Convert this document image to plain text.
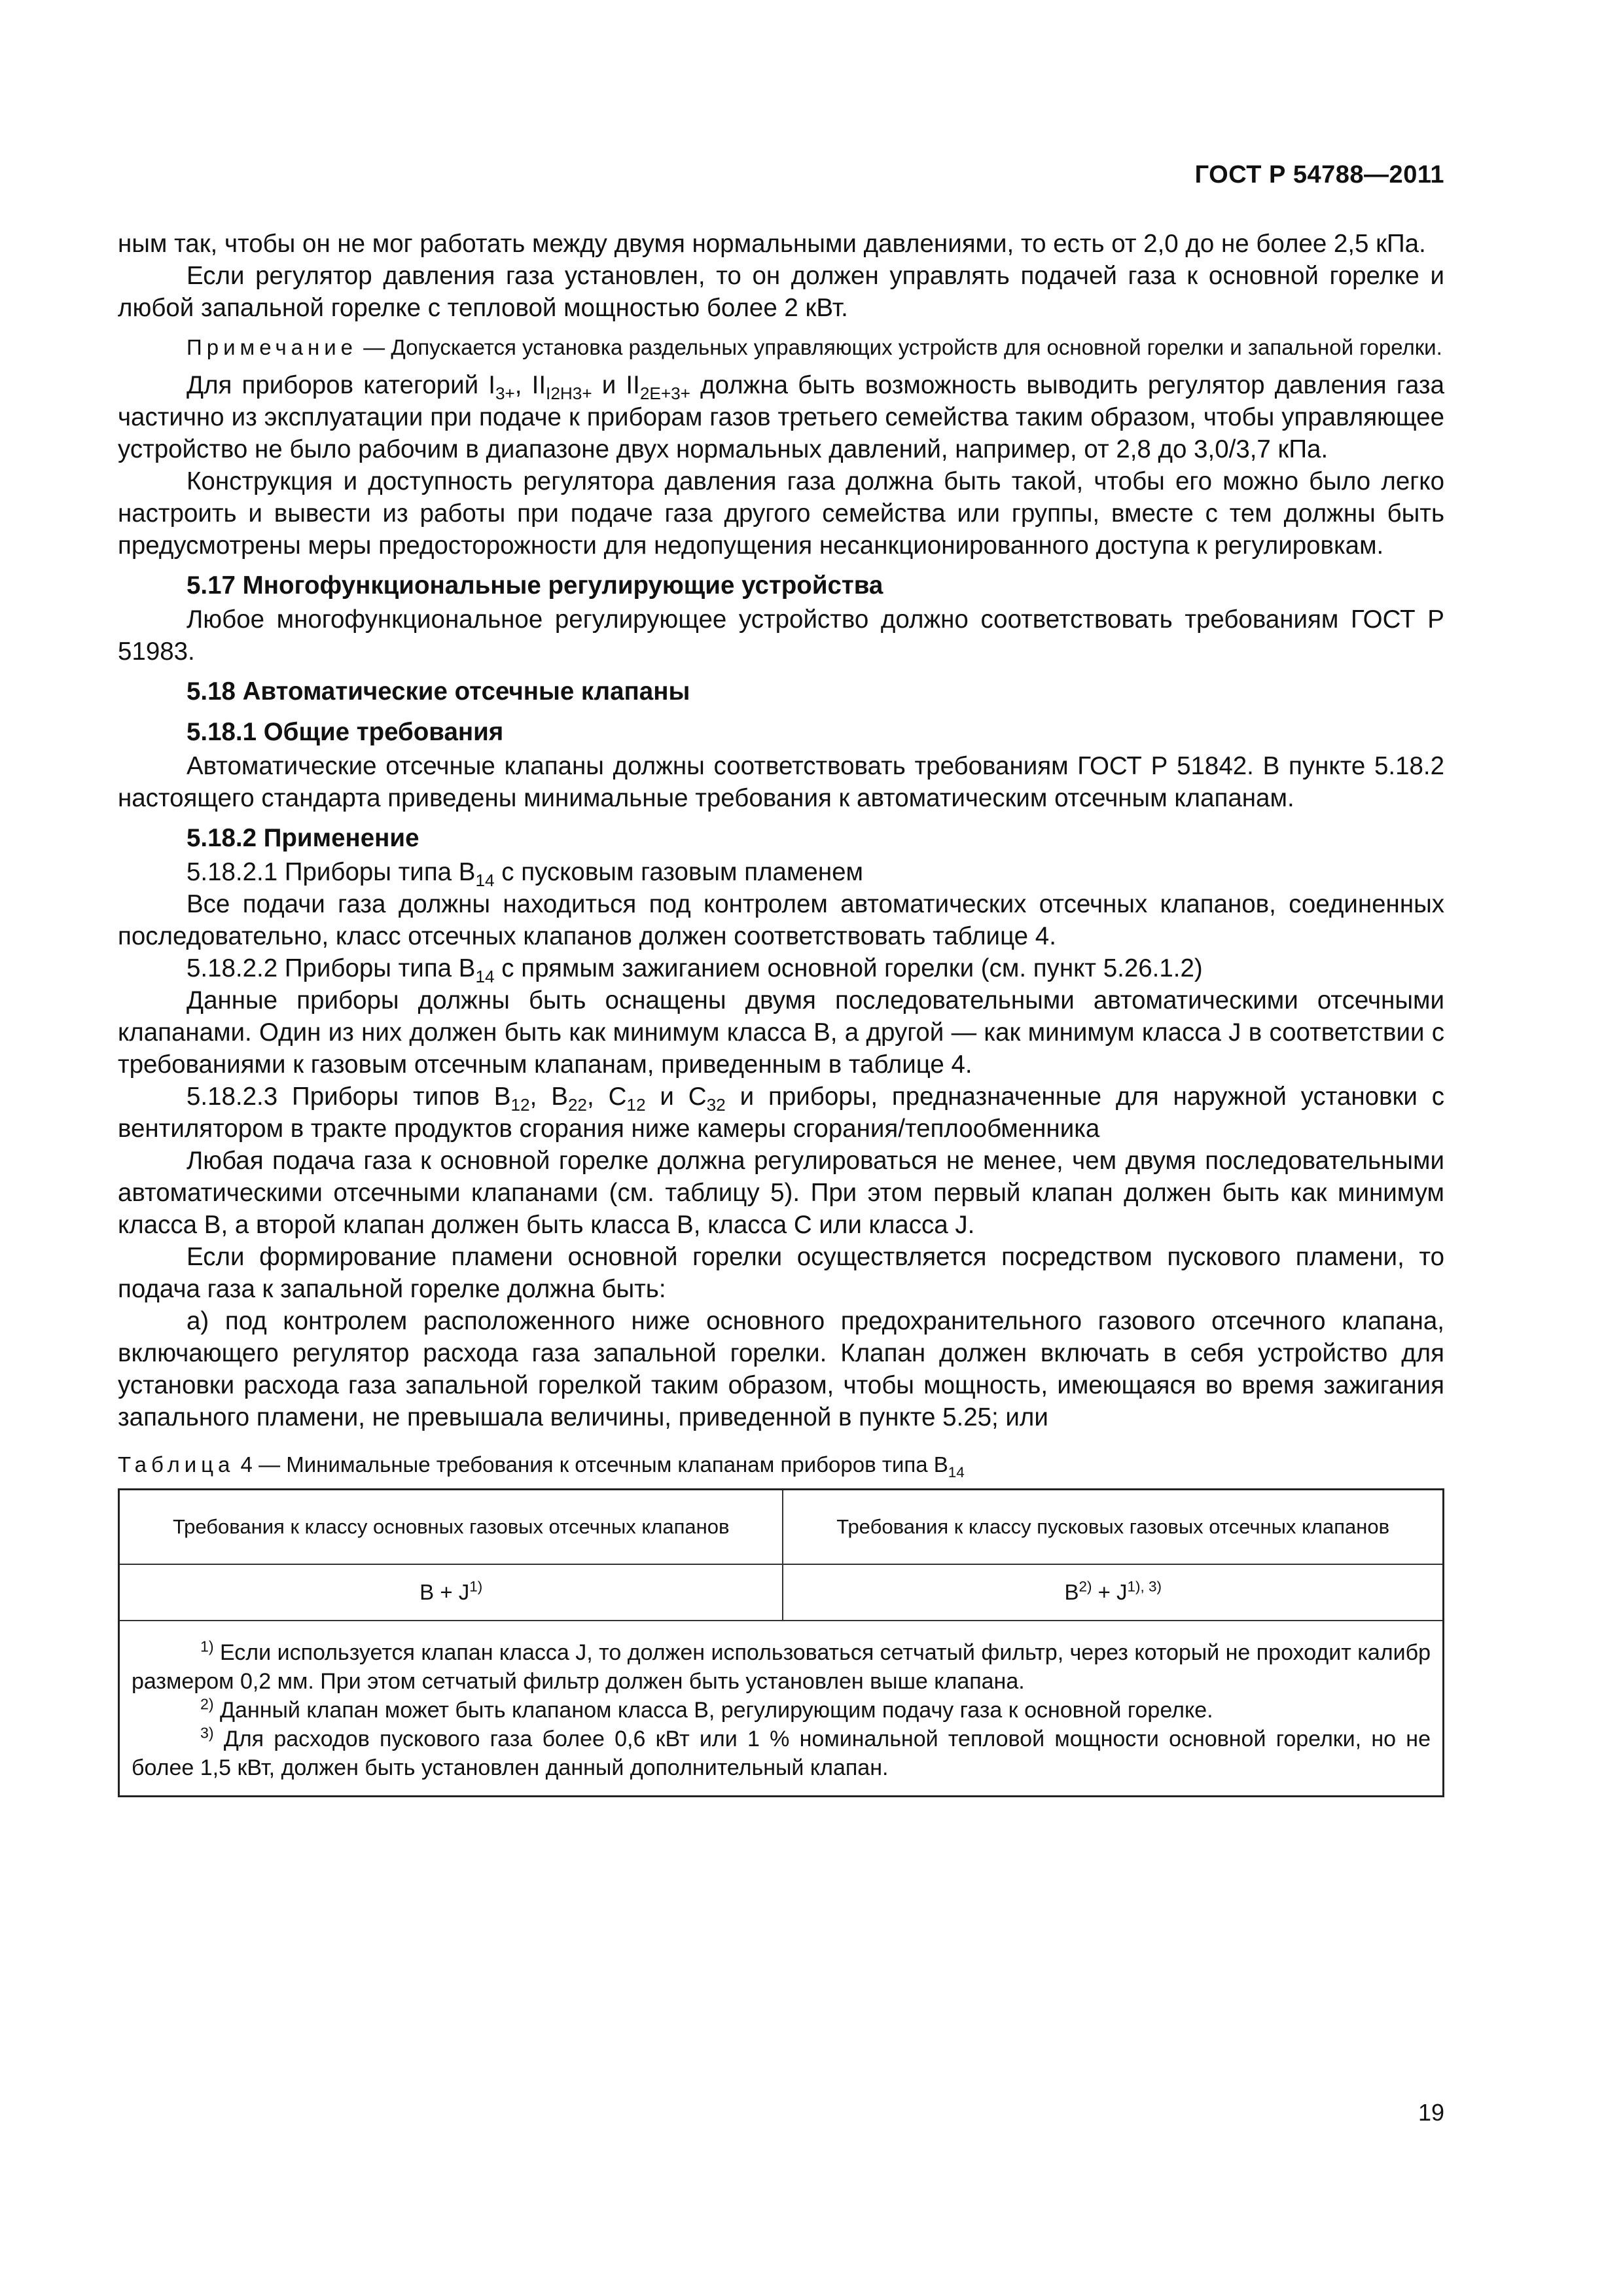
ГОСТ Р 54788—2011

ным так, чтобы он не мог работать между двумя нормальными давлениями, то есть от 2,0 до не более 2,5 кПа.

Если регулятор давления газа установлен, то он должен управлять подачей газа к основной горелке и любой запальной горелке с тепловой мощностью более 2 кВт.

Примечание — Допускается установка раздельных управляющих устройств для основной горелки и запальной горелки.

Для приборов категорий $I_{3+}$, $II_{I2H3+}$ и $II_{2E+3+}$ должна быть возможность выводить регулятор давления газа частично из эксплуатации при подаче к приборам газов третьего семейства таким образом, чтобы управляющее устройство не было рабочим в диапазоне двух нормальных давлений, например, от 2,8 до 3,0/3,7 кПа.

Конструкция и доступность регулятора давления газа должна быть такой, чтобы его можно было легко настроить и вывести из работы при подаче газа другого семейства или группы, вместе с тем должны быть предусмотрены меры предосторожности для недопущения несанкционированного доступа к регулировкам.

5.17 Многофункциональные регулирующие устройства

Любое многофункциональное регулирующее устройство должно соответствовать требованиям ГОСТ Р 51983.

5.18 Автоматические отсечные клапаны
5.18.1 Общие требования

Автоматические отсечные клапаны должны соответствовать требованиям ГОСТ Р 51842. В пункте 5.18.2 настоящего стандарта приведены минимальные требования к автоматическим отсечным клапанам.

5.18.2 Применение

5.18.2.1 Приборы типа $B_{14}$ с пусковым газовым пламенем

Все подачи газа должны находиться под контролем автоматических отсечных клапанов, соединенных последовательно, класс отсечных клапанов должен соответствовать таблице 4.

5.18.2.2 Приборы типа $B_{14}$ с прямым зажиганием основной горелки (см. пункт 5.26.1.2)

Данные приборы должны быть оснащены двумя последовательными автоматическими отсечными клапанами. Один из них должен быть как минимум класса B, а другой — как минимум класса J в соответствии с требованиями к газовым отсечным клапанам, приведенным в таблице 4.

5.18.2.3 Приборы типов $B_{12}$, $B_{22}$, $C_{12}$ и $C_{32}$ и приборы, предназначенные для наружной установки с вентилятором в тракте продуктов сгорания ниже камеры сгорания/теплообменника

Любая подача газа к основной горелке должна регулироваться не менее, чем двумя последовательными автоматическими отсечными клапанами (см. таблицу 5). При этом первый клапан должен быть как минимум класса B, а второй клапан должен быть класса B, класса C или класса J.

Если формирование пламени основной горелки осуществляется посредством пускового пламени, то подача газа к запальной горелке должна быть:

а) под контролем расположенного ниже основного предохранительного газового отсечного клапана, включающего регулятор расхода газа запальной горелки. Клапан должен включать в себя устройство для установки расхода газа запальной горелкой таким образом, чтобы мощность, имеющаяся во время зажигания запального пламени, не превышала величины, приведенной в пункте 5.25; или

Таблица 4 — Минимальные требования к отсечным клапанам приборов типа $B_{14}$
Требования к классу основных газовых отсечных клапанов	Требования к классу пусковых газовых отсечных клапанов
$B + J^{1)}$	$B^{2)} + J^{1), 3)}$

$^{1)}$ Если используется клапан класса J, то должен использоваться сетчатый фильтр, через который не проходит калибр размером 0,2 мм. При этом сетчатый фильтр должен быть установлен выше клапана.

$^{2)}$ Данный клапан может быть клапаном класса B, регулирующим подачу газа к основной горелке.

$^{3)}$ Для расходов пускового газа более 0,6 кВт или 1 % номинальной тепловой мощности основной горелки, но не более 1,5 кВт, должен быть установлен данный дополнительный клапан.	

19
